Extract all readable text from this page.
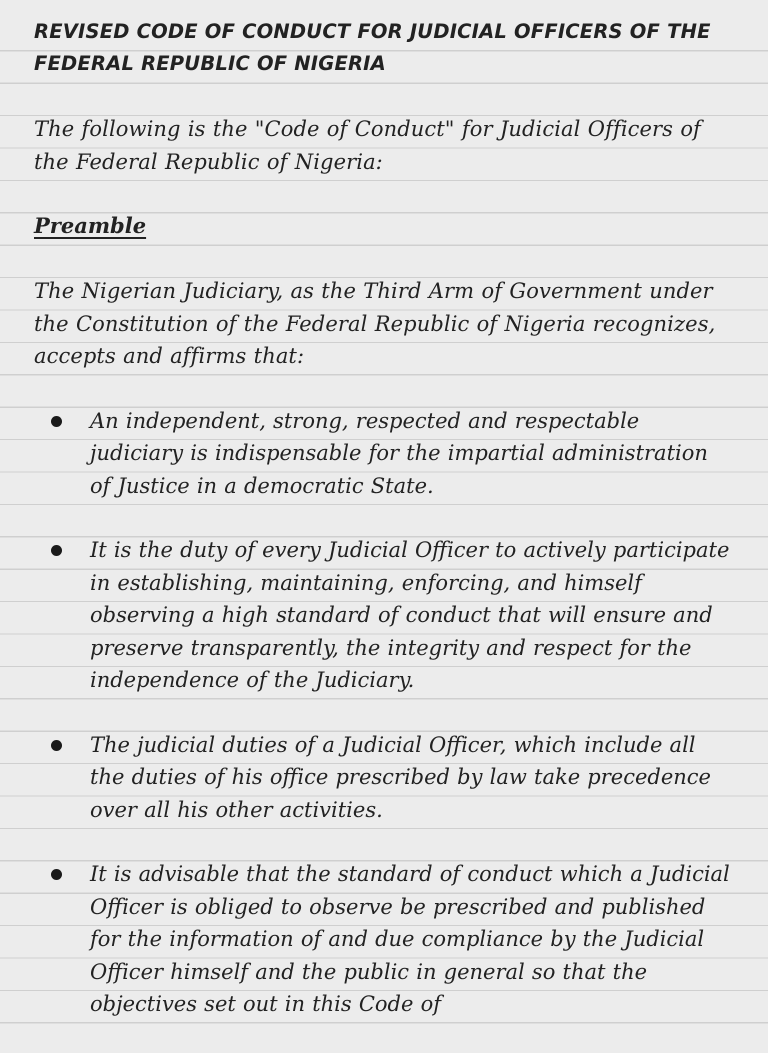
REVISED CODE OF CONDUCT FOR JUDICIAL OFFICERS OF THE FEDERAL REPUBLIC OF NIGERIA

The following is the "Code of Conduct" for Judicial Officers of the Federal Republic of Nigeria:

Preamble

The Nigerian Judiciary, as the Third Arm of Government under the Constitution of the Federal Republic of Nigeria recognizes, accepts and affirms that:

An independent, strong, respected and respectable judiciary is indispensable for the impartial administration of Justice in a democratic State.
It is the duty of every Judicial Officer to actively participate in establishing, maintaining, enforcing, and himself observing a high standard of conduct that will ensure and preserve transparently, the integrity and respect for the independence of the Judiciary.
The judicial duties of a Judicial Officer, which include all the duties of his office prescribed by law take precedence over all his other activities.
It is advisable that the standard of conduct which a Judicial Officer is obliged to observe be prescribed and published for the information of and due compliance by the Judicial Officer himself and the public in general so that the objectives set out in this Code of
